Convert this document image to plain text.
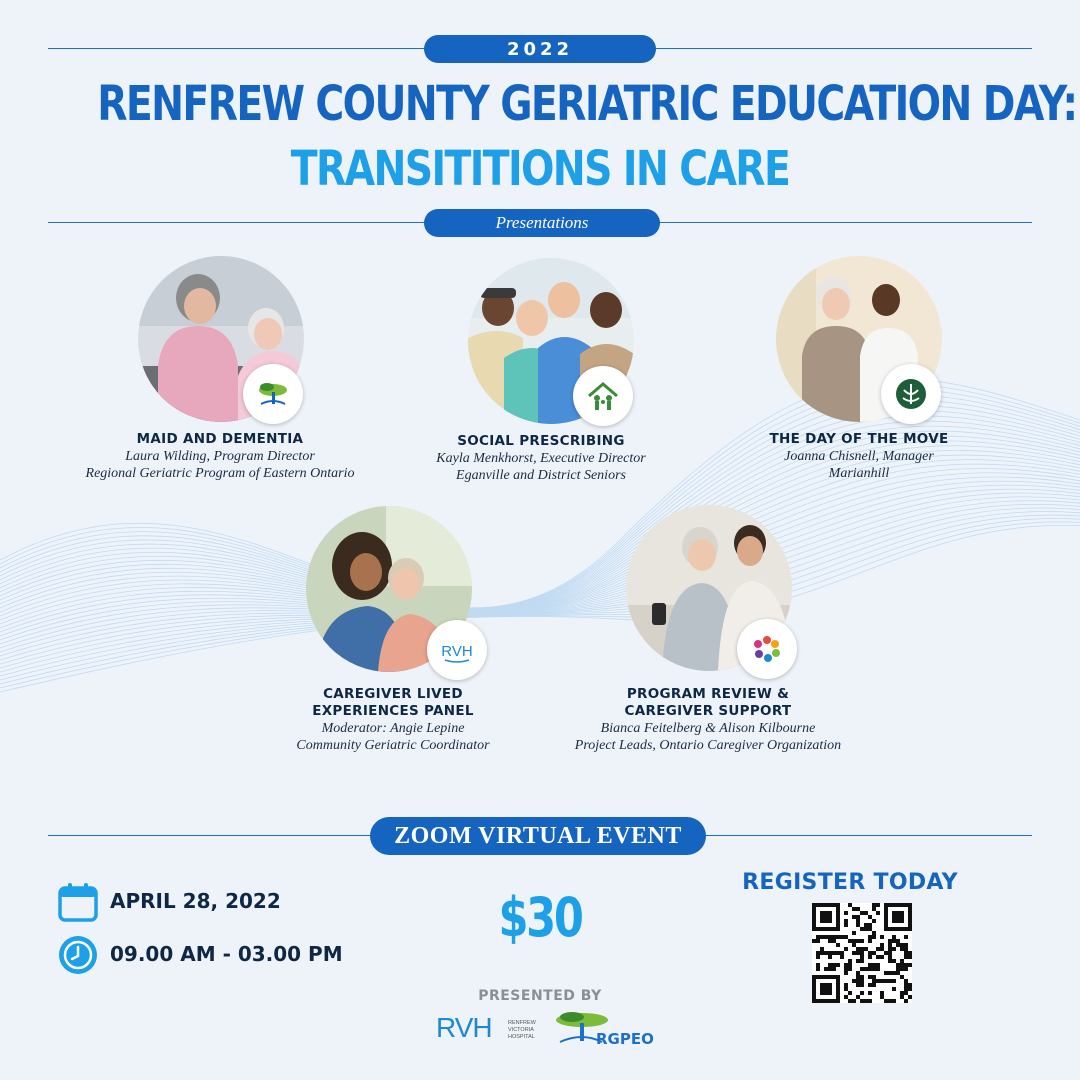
2022
RENFREW COUNTY GERIATRIC EDUCATION DAY:
TRANSITITIONS IN CARE
Presentations
MAID AND DEMENTIA
Laura Wilding, Program Director
Regional Geriatric Program of Eastern Ontario
SOCIAL PRESCRIBING
Kayla Menkhorst, Executive Director
Eganville and District Seniors
THE DAY OF THE MOVE
Joanna Chisnell, Manager
Marianhill
RVH
CAREGIVER LIVED
EXPERIENCES PANEL
Moderator: Angie Lepine
Community Geriatric Coordinator
PROGRAM REVIEW &
CAREGIVER SUPPORT
Bianca Feitelberg & Alison Kilbourne
Project Leads, Ontario Caregiver Organization
ZOOM VIRTUAL EVENT
APRIL 28, 2022
09.00 AM - 03.00 PM
$30
PRESENTED BY
RVH	RENFREW
VICTORIA
HOSPITAL	RGPEO
REGISTER TODAY
